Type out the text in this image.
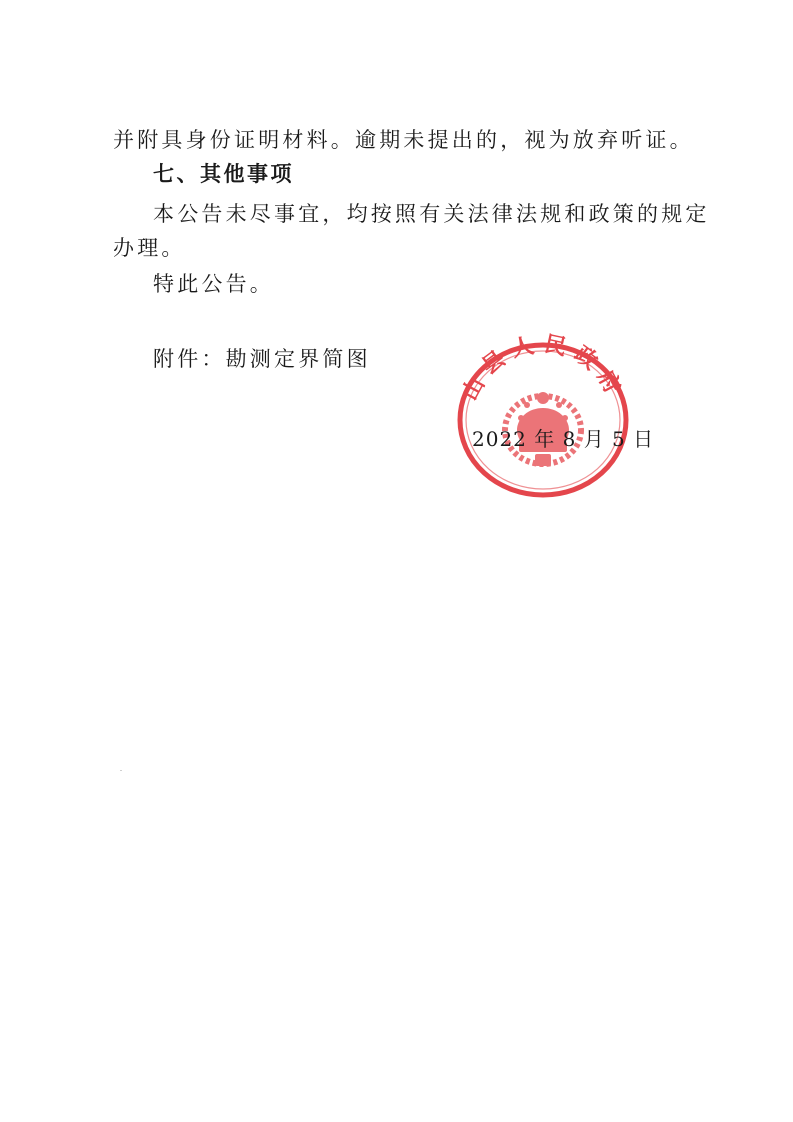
并附具身份证明材料。逾期未提出的，视为放弃听证。
七、其他事项
本公告未尽事宜，均按照有关法律法规和政策的规定
办理。
特此公告。
附件：勘测定界简图
山县人民政府
2022 年 8 月 5 日
